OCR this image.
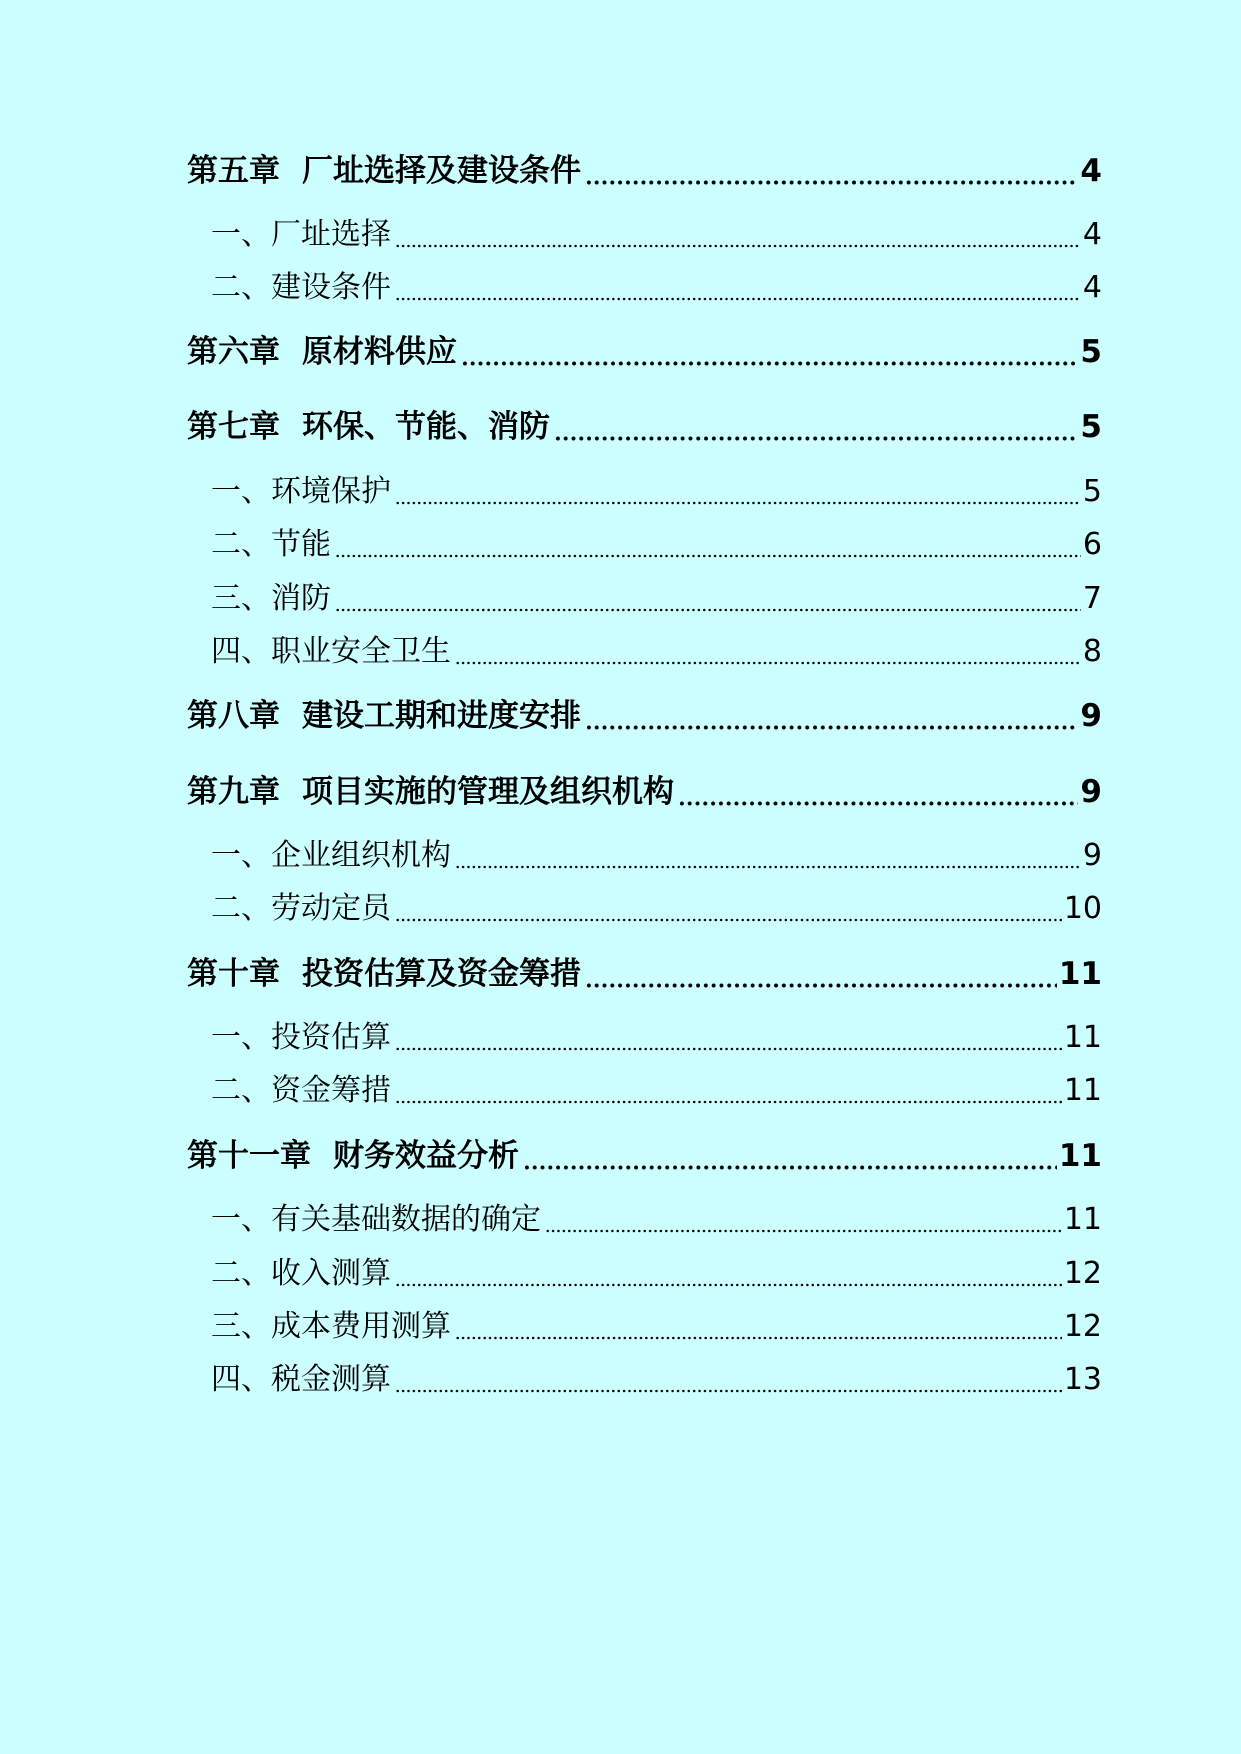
第五章 厂址选择及建设条件	4
一、厂址选择	4
二、建设条件	4
第六章 原材料供应	5
第七章 环保、节能、消防	5
一、环境保护	5
二、节能	6
三、消防	7
四、职业安全卫生	8
第八章 建设工期和进度安排	9
第九章 项目实施的管理及组织机构	9
一、企业组织机构	9
二、劳动定员	10
第十章 投资估算及资金筹措	11
一、投资估算	11
二、资金筹措	11
第十一章 财务效益分析	11
一、有关基础数据的确定	11
二、收入测算	12
三、成本费用测算	12
四、税金测算	13
